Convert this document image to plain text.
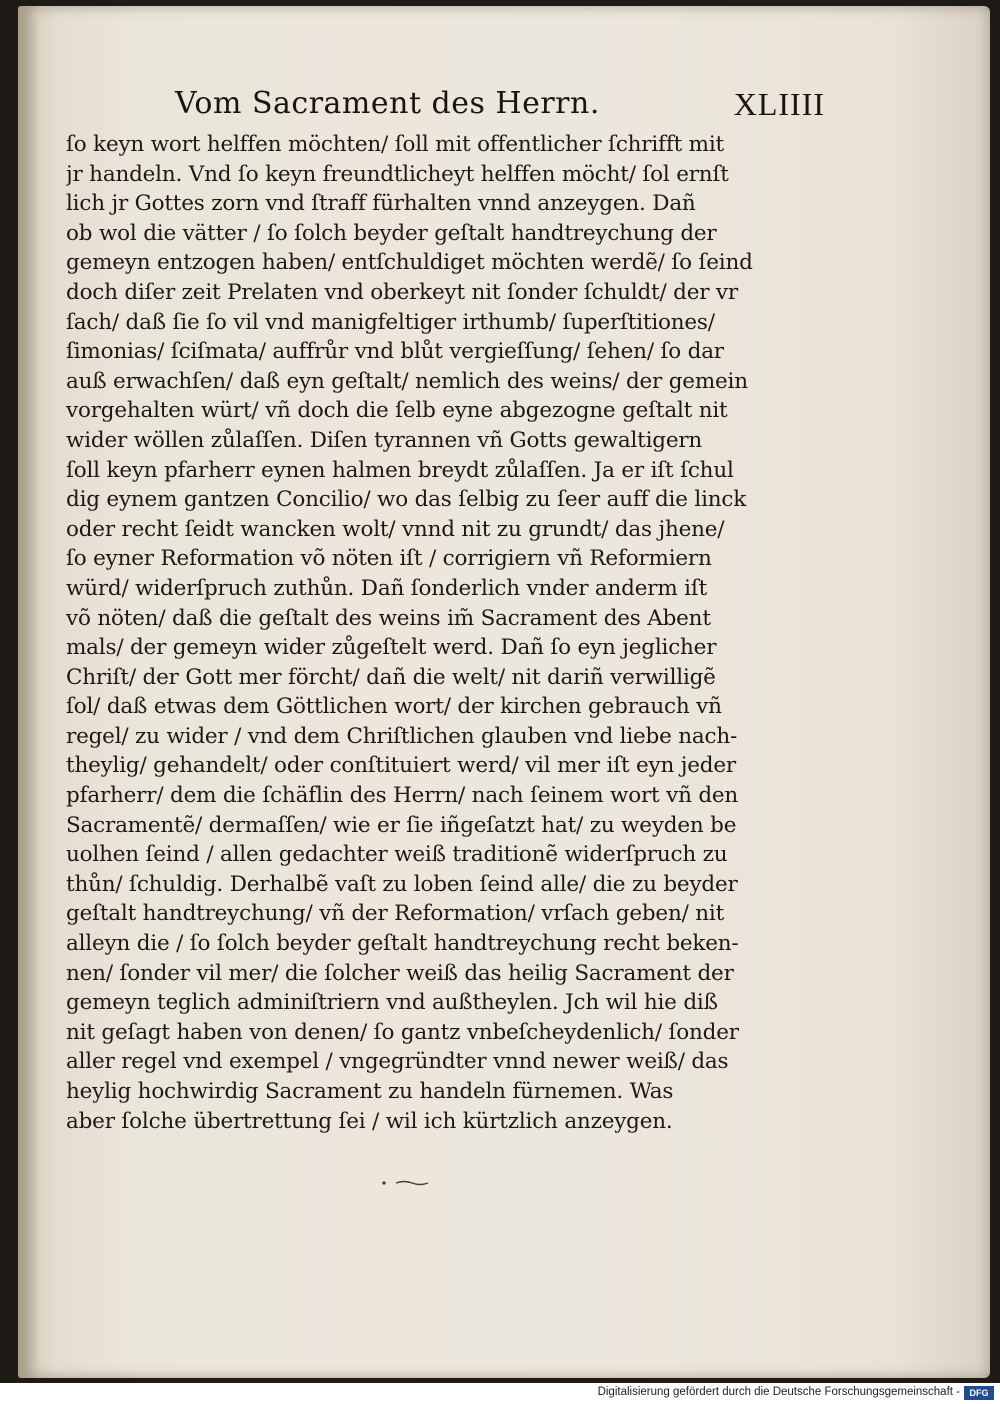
Vom Sacrament des Herrn.	XLIIII
ſo keyn wort helffen möchten/ ſoll mit offentlicher ſchrifft mit
jr handeln. Vnd ſo keyn freundtlicheyt helffen möcht/ ſol ernſt
lich jr Gottes zorn vnd ſtraff fürhalten vnnd anzeygen. Dañ
ob wol die vätter / ſo ſolch beyder geſtalt handtreychung der
gemeyn entzogen haben/ entſchuldiget möchten werdẽ/ ſo ſeind
doch diſer zeit Prelaten vnd oberkeyt nit ſonder ſchuldt/ der vr
ſach/ daß ſie ſo vil vnd manigfeltiger irthumb/ ſuperſtitiones/
ſimonias/ ſciſmata/ auffrůr vnd blůt vergieſſung/ ſehen/ ſo dar
auß erwachſen/ daß eyn geſtalt/ nemlich des weins/ der gemein
vorgehalten würt/ vñ doch die ſelb eyne abgezogne geſtalt nit
wider wöllen zůlaſſen. Diſen tyrannen vñ Gotts gewaltigern
ſoll keyn pfarherr eynen halmen breydt zůlaſſen. Ja er iſt ſchul
dig eynem gantzen Concilio/ wo das ſelbig zu ſeer auff die linck
oder recht ſeidt wancken wolt/ vnnd nit zu grundt/ das jhene/
ſo eyner Reformation võ nöten iſt / corrigiern vñ Reformiern
würd/ widerſpruch zuthůn. Dañ ſonderlich vnder anderm iſt
võ nöten/ daß die geſtalt des weins im̃ Sacrament des Abent
mals/ der gemeyn wider zůgeſtelt werd. Dañ ſo eyn jeglicher
Chriſt/ der Gott mer förcht/ dañ die welt/ nit dariñ verwilligẽ
ſol/ daß etwas dem Göttlichen wort/ der kirchen gebrauch vñ
regel/ zu wider / vnd dem Chriſtlichen glauben vnd liebe nach-
theylig/ gehandelt/ oder conſtituiert werd/ vil mer iſt eyn jeder
pfarherr/ dem die ſchäflin des Herrn/ nach ſeinem wort vñ den
Sacramentẽ/ dermaſſen/ wie er ſie iñgeſatzt hat/ zu weyden be
uolhen ſeind / allen gedachter weiß traditionẽ widerſpruch zu
thůn/ ſchuldig. Derhalbẽ vaſt zu loben ſeind alle/ die zu beyder
geſtalt handtreychung/ vñ der Reformation/ vrſach geben/ nit
alleyn die / ſo ſolch beyder geſtalt handtreychung recht beken-
nen/ ſonder vil mer/ die ſolcher weiß das heilig Sacrament der
gemeyn teglich adminiſtriern vnd außtheylen. Jch wil hie diß
nit geſagt haben von denen/ ſo gantz vnbeſcheydenlich/ ſonder
aller regel vnd exempel / vngegründter vnnd newer weiß/ das
heylig hochwirdig Sacrament zu handeln fürnemen. Was
aber ſolche übertrettung ſei / wil ich kürtzlich anzeygen.
Digitalisierung gefördert durch die Deutsche Forschungsgemeinschaft -	DFG
